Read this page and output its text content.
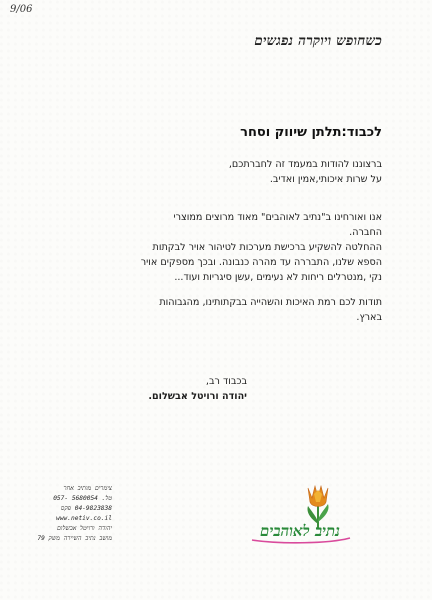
9/06
כשחופש ויוקרה נפגשים
לכבוד:תלתן שיווק וסחר
ברצוננו להודות במעמד זה לחברתכם,
על שרות איכותי,אמין ואדיב.
אנו ואורחינו ב"נתיב לאוהבים" מאוד מרוצים ממוצרי
החברה.
ההחלטה להשקיע ברכישת מערכות לטיהור אויר לבקתות
הספא שלנו, התבררה עד מהרה כנבונה. ובכך מספקים אויר
נקי ,מנטרלים ריחות לא נעימים ,עשן סיגריות ועוד...
תודות לכם רמת האיכות והשהייה בבקתותינו, מהגבוהות
בארץ.
בכבוד רב,
יהודה ורויטל אבשלום.
צימרים מותיב אחר
טל. 5680054 -057
04-9823838 פקס
www.netiv.co.il
יהודה ורויטל אבשלום
מושב נתיב השיירה משק 79	נתיב לאוהבים
